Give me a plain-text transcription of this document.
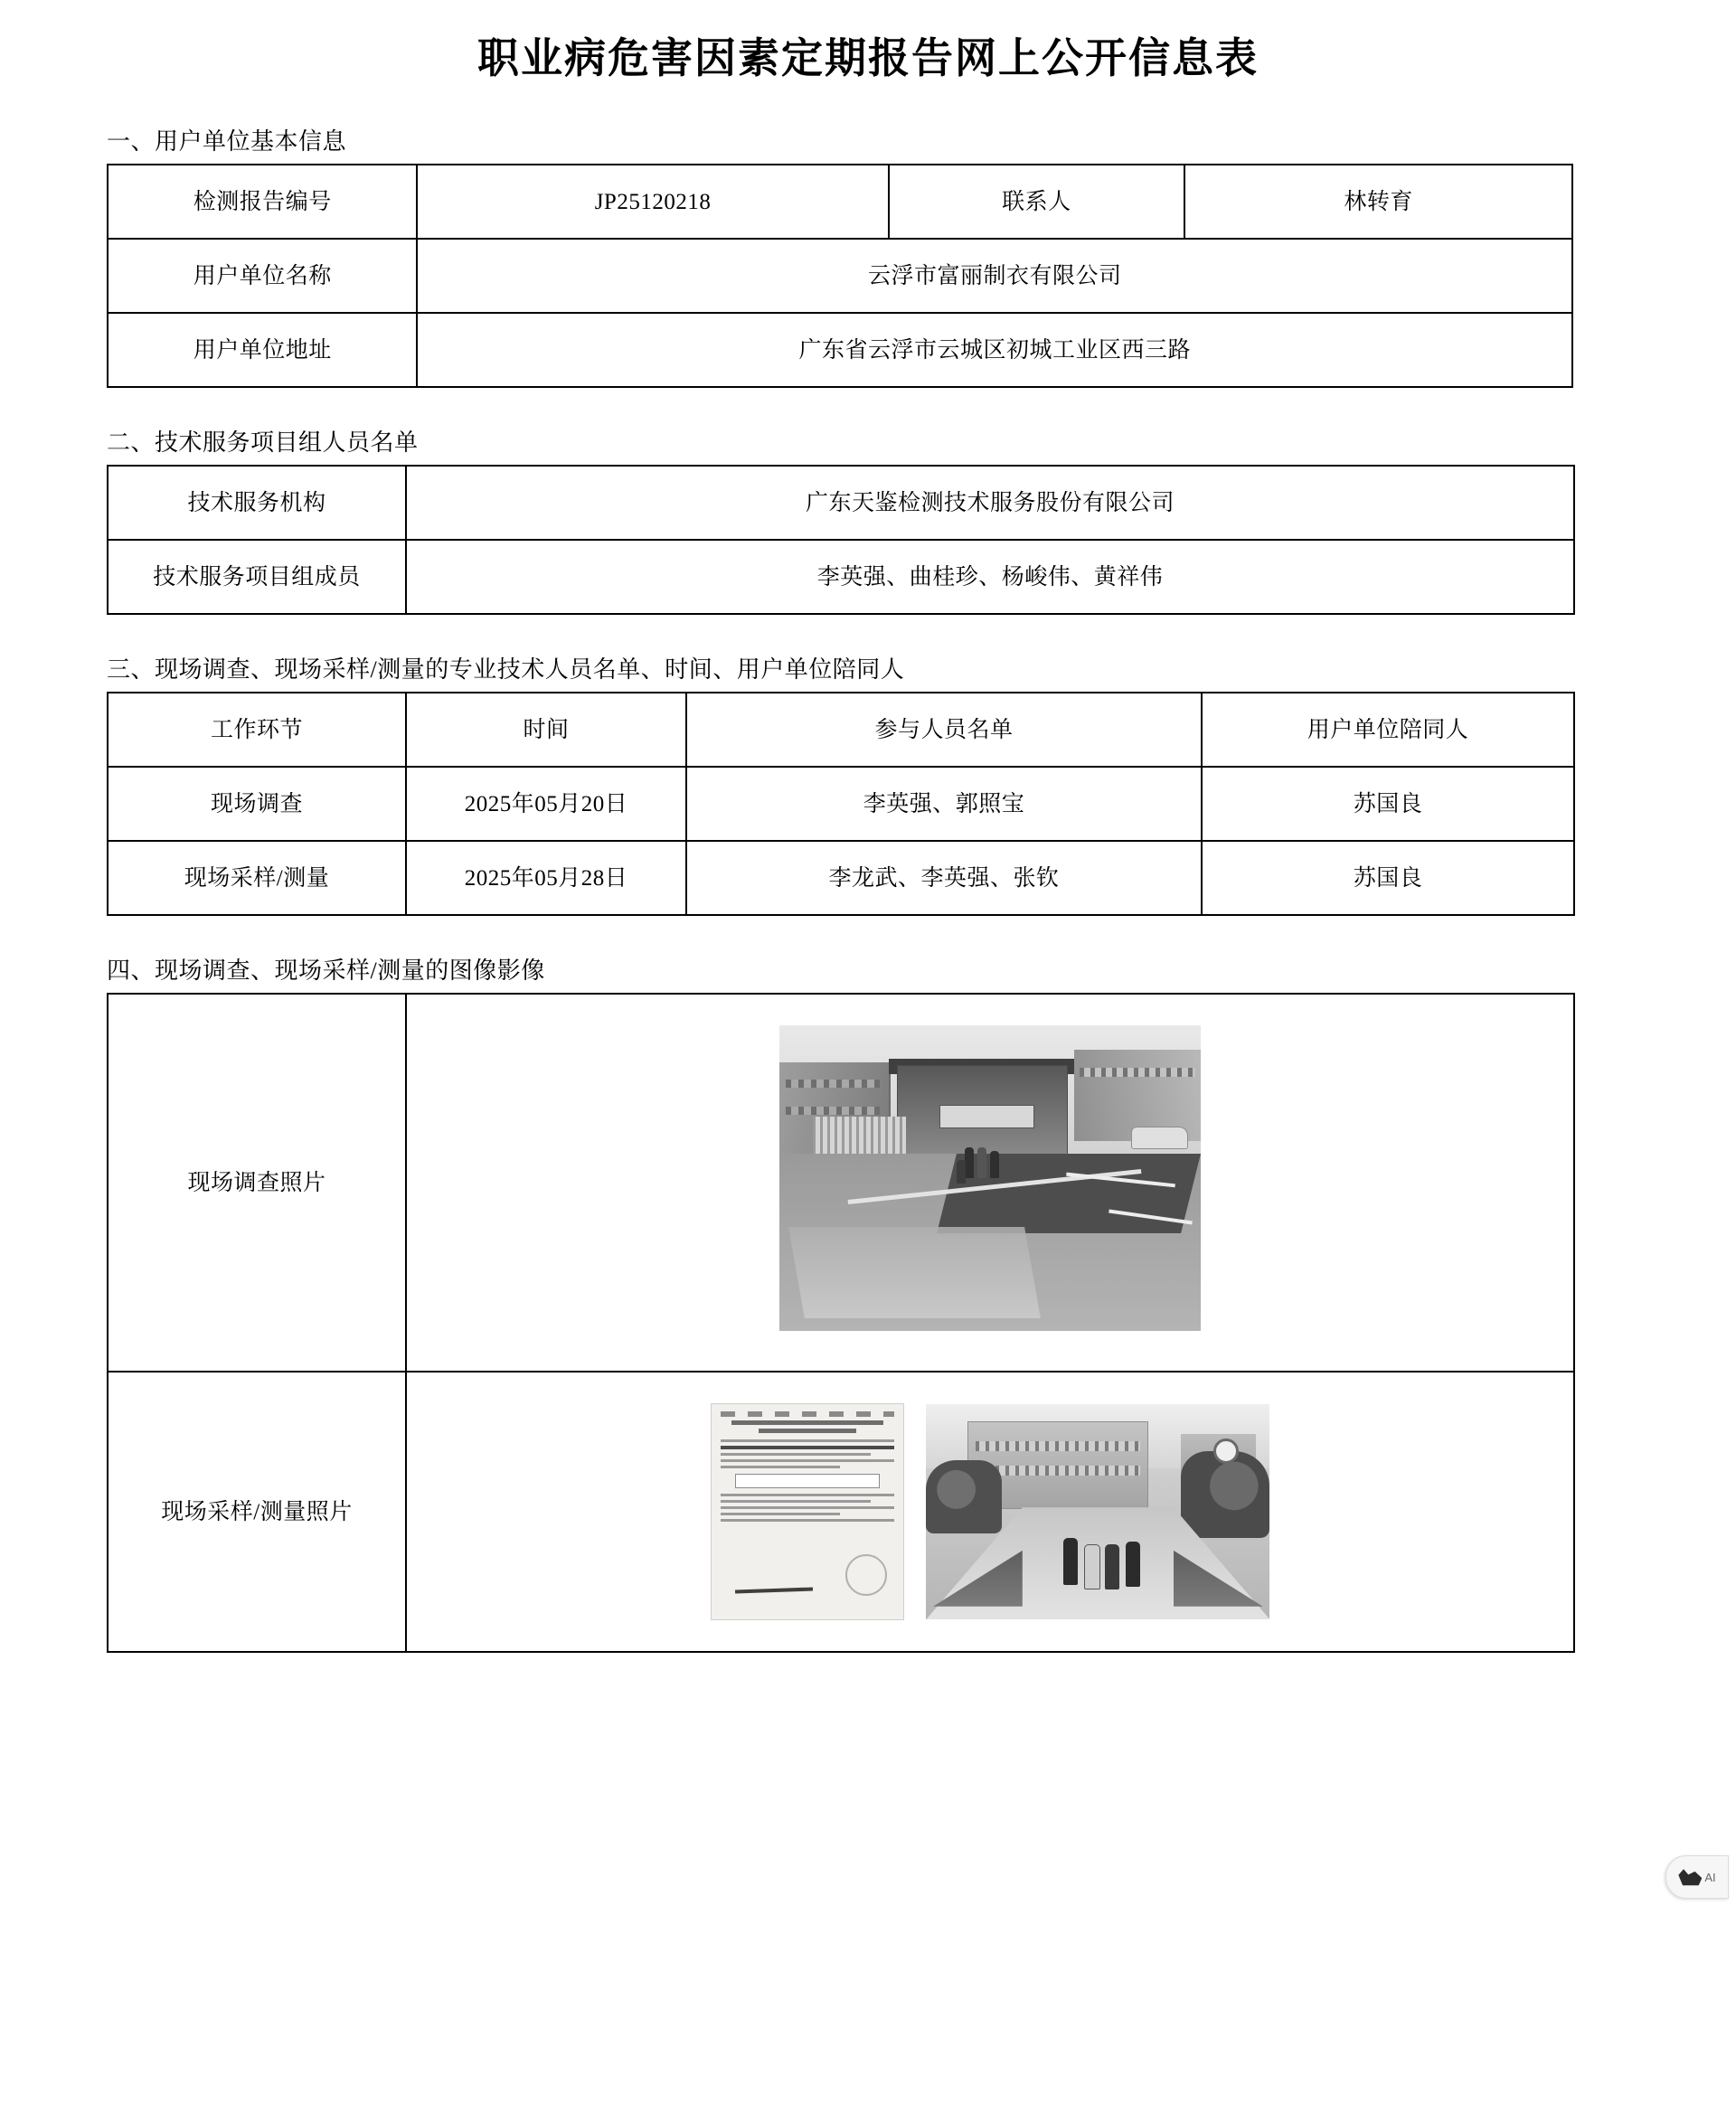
职业病危害因素定期报告网上公开信息表
一、用户单位基本信息
检测报告编号	JP25120218	联系人	林转育
用户单位名称	云浮市富丽制衣有限公司		
用户单位地址	广东省云浮市云城区初城工业区西三路		
二、技术服务项目组人员名单
技术服务机构	广东天鉴检测技术服务股份有限公司
技术服务项目组成员	李英强、曲桂珍、杨峻伟、黄祥伟
三、现场调查、现场采样/测量的专业技术人员名单、时间、用户单位陪同人
工作环节	时间	参与人员名单	用户单位陪同人
现场调查	2025年05月20日	李英强、郭照宝	苏国良
现场采样/测量	2025年05月28日	李龙武、李英强、张钦	苏国良
四、现场调查、现场采样/测量的图像影像
现场调查照片	

现场采样/测量照片	

AI
